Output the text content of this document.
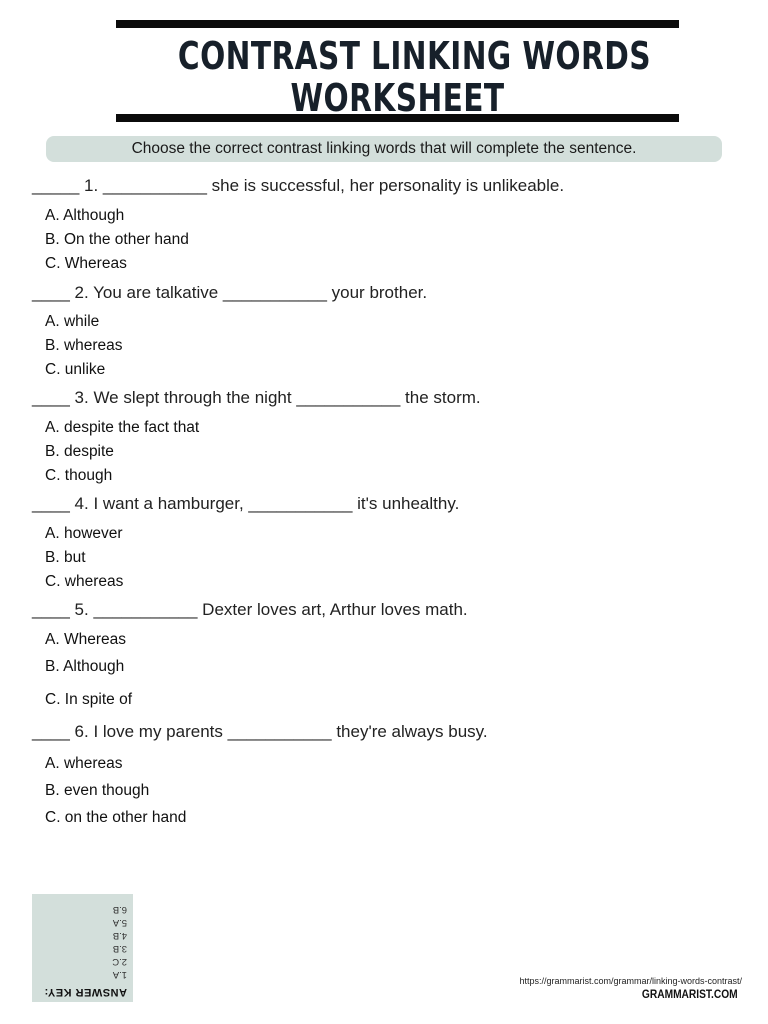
CONTRAST LINKING WORDS
WORKSHEET
Choose the correct contrast linking words that will complete the sentence.
_____ 1. ___________ she is successful, her personality is unlikeable.
A. Although
B. On the other hand
C. Whereas
____ 2. You are talkative ___________ your brother.
A. while
B. whereas
C. unlike
____ 3. We slept through the night ___________ the storm.
A. despite the fact that
B. despite
C. though
____ 4. I want a hamburger, ___________ it's unhealthy.
A. however
B. but
C. whereas
____ 5. ___________ Dexter loves art, Arthur loves math.
A. Whereas
B. Although
C. In spite of
____ 6. I love my parents ___________ they're always busy.
A. whereas
B. even though
C. on the other hand
ANSWER KEY:
1.A
2.C
3.B
4.B
5.A
6.B
https://grammarist.com/grammar/linking-words-contrast/
GRAMMARIST.COM
